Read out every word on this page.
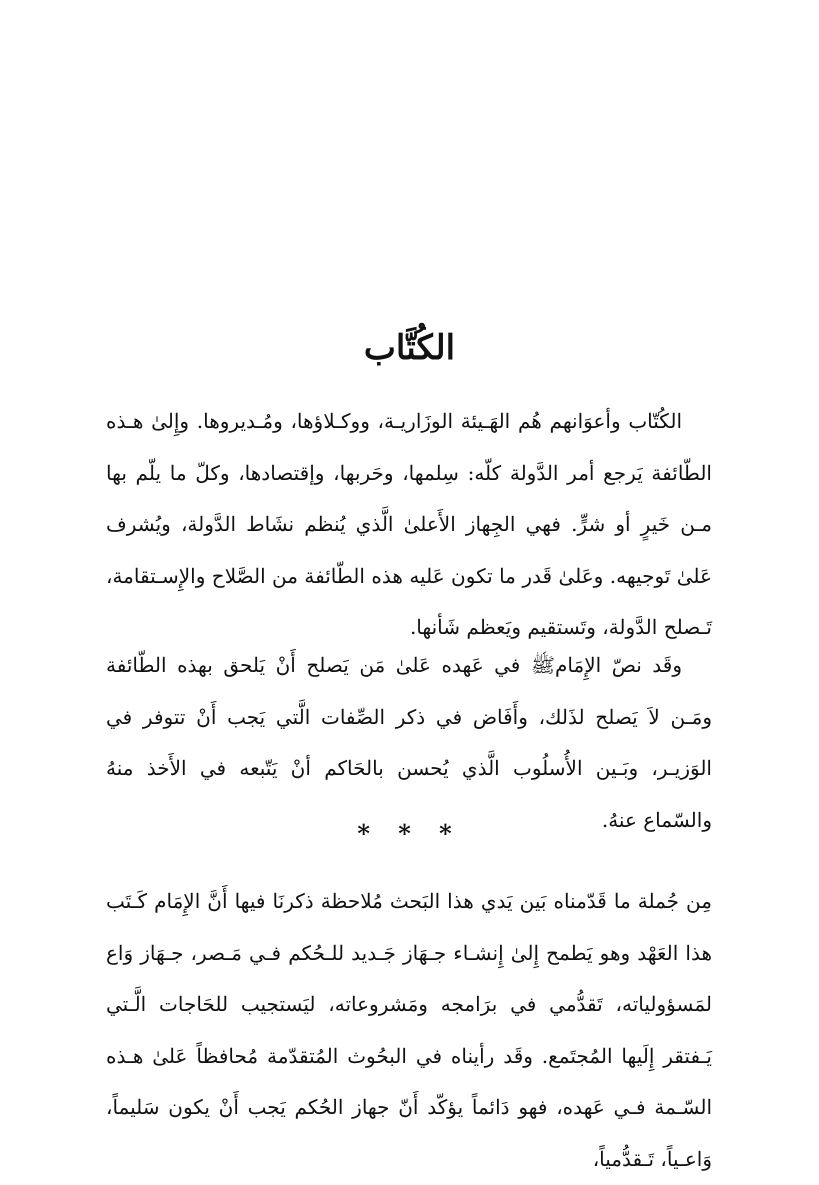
الكُتَّاب

الكُتّاب وأعوَانهم هُم الهَـيئة الوزَاريـة، ووكـلاؤها، ومُـديروها. وإِلىٰ هـذه الطّائفة يَرجع أمر الدَّولة كلّه: سِلمها، وحَربها، وإقتصادها، وكلّ ما يلّم بها مـن خَيرٍ أو شرٍّ. فهي الجِهاز الأَعلىٰ الَّذي يُنظم نشَاط الدَّولة، ويُشرف عَلىٰ تَوجيهه. وعَلىٰ قَدر ما تكون عَليه هذه الطّائفة من الصَّلاح والإِسـتقامة، تَـصلح الدَّولة، وتَستقيم ويَعظم شَأنها.

وقَد نصّ الإِمَامﷺ في عَهده عَلىٰ مَن يَصلح أَنْ يَلحق بهذه الطّائفة ومَـن لاَ يَصلح لذَلك، وأَفَاض في ذكر الصِّفات الَّتي يَجب أَنْ تتوفر في الوَزيـر، وبَـين الأُسلُوب الَّذي يُحسن بالحَاكم أنْ يَتّبعه في الأَخذ منهُ والسّماع عنهُ.

* * *

مِن جُملة ما قَدّمناه بَين يَدي هذا البَحث مُلاحظة ذكرنَا فيها أَنَّ الإِمَام كَـتَب هذا العَهْد وهو يَطمح إِلىٰ إِنشـاء جـهَاز جَـديد للـحُكم فـي مَـصر، جـهَاز وَاع لمَسؤولياته، تَقدُّمي في برَامجه ومَشروعاته، ليَستجيب للحَاجات الَّـتي يَـفتقر إِلَيها المُجتَمع. وقَد رأيناه في البحُوث المُتقدّمة مُحافظاً عَلىٰ هـذه السّـمة فـي عَهده، فهو دَائماً يؤكّد أَنّ جهاز الحُكم يَجب أَنْ يكون سَليماً، وَاعـياً، تَـقدُّمياً،
